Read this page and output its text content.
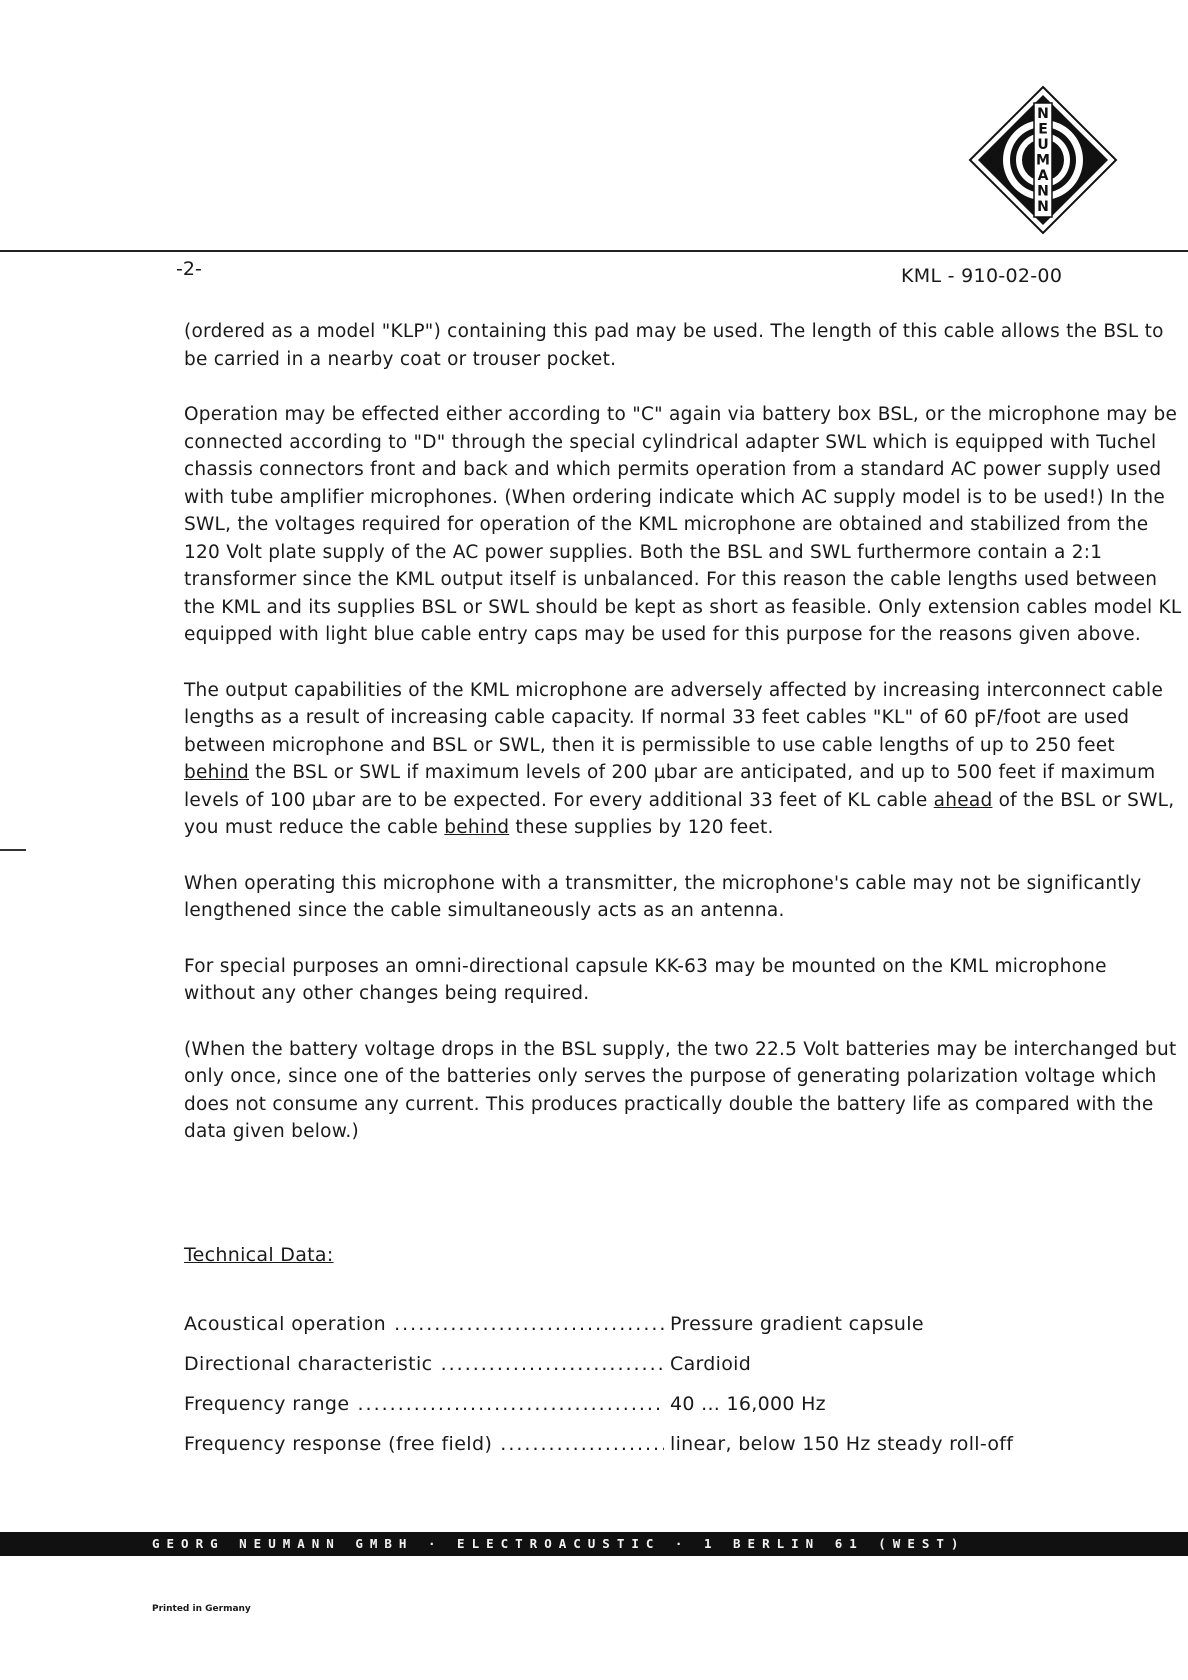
-2-
N
E
U
M
A
N
N
KML - 910-02-00

(ordered as a model "KLP") containing this pad may be used. The length of this cable allows the BSL to be carried in a nearby coat or trouser pocket.

Operation may be effected either according to "C" again via battery box BSL, or the microphone may be connected according to "D" through the special cylindrical adapter SWL which is equipped with Tuchel chassis connectors front and back and which permits operation from a standard AC power supply used with tube amplifier microphones. (When ordering indicate which AC supply model is to be used!) In the SWL, the voltages required for operation of the KML microphone are obtained and stabilized from the 120 Volt plate supply of the AC power supplies. Both the BSL and SWL furthermore contain a 2:1 transformer since the KML output itself is unbalanced. For this reason the cable lengths used between the KML and its supplies BSL or SWL should be kept as short as feasible. Only extension cables model KL equipped with light blue cable entry caps may be used for this purpose for the reasons given above.

The output capabilities of the KML microphone are adversely affected by increasing interconnect cable lengths as a result of increasing cable capacity. If normal 33 feet cables "KL" of 60 pF/foot are used between microphone and BSL or SWL, then it is permissible to use cable lengths of up to 250 feet behind the BSL or SWL if maximum levels of 200 µbar are anticipated, and up to 500 feet if maximum levels of 100 µbar are to be expected. For every additional 33 feet of KL cable ahead of the BSL or SWL, you must reduce the cable behind these supplies by 120 feet.

When operating this microphone with a transmitter, the microphone's cable may not be significantly lengthened since the cable simultaneously acts as an antenna.

For special purposes an omni-directional capsule KK-63 may be mounted on the KML microphone without any other changes being required.

(When the battery voltage drops in the BSL supply, the two 22.5 Volt batteries may be interchanged but only once, since one of the batteries only serves the purpose of generating polarization voltage which does not consume any current. This produces practically double the battery life as compared with the data given below.)

Technical Data:
Acoustical operation .....	Pressure gradient capsule
Directional characteristic .....	Cardioid
Frequency range .....	40 ... 16,000 Hz
Frequency response (free field) .....	linear, below 150 Hz steady roll-off
GEORG NEUMANN GMBH · ELECTROACUSTIC · 1 BERLIN 61 (WEST)
Printed in Germany
